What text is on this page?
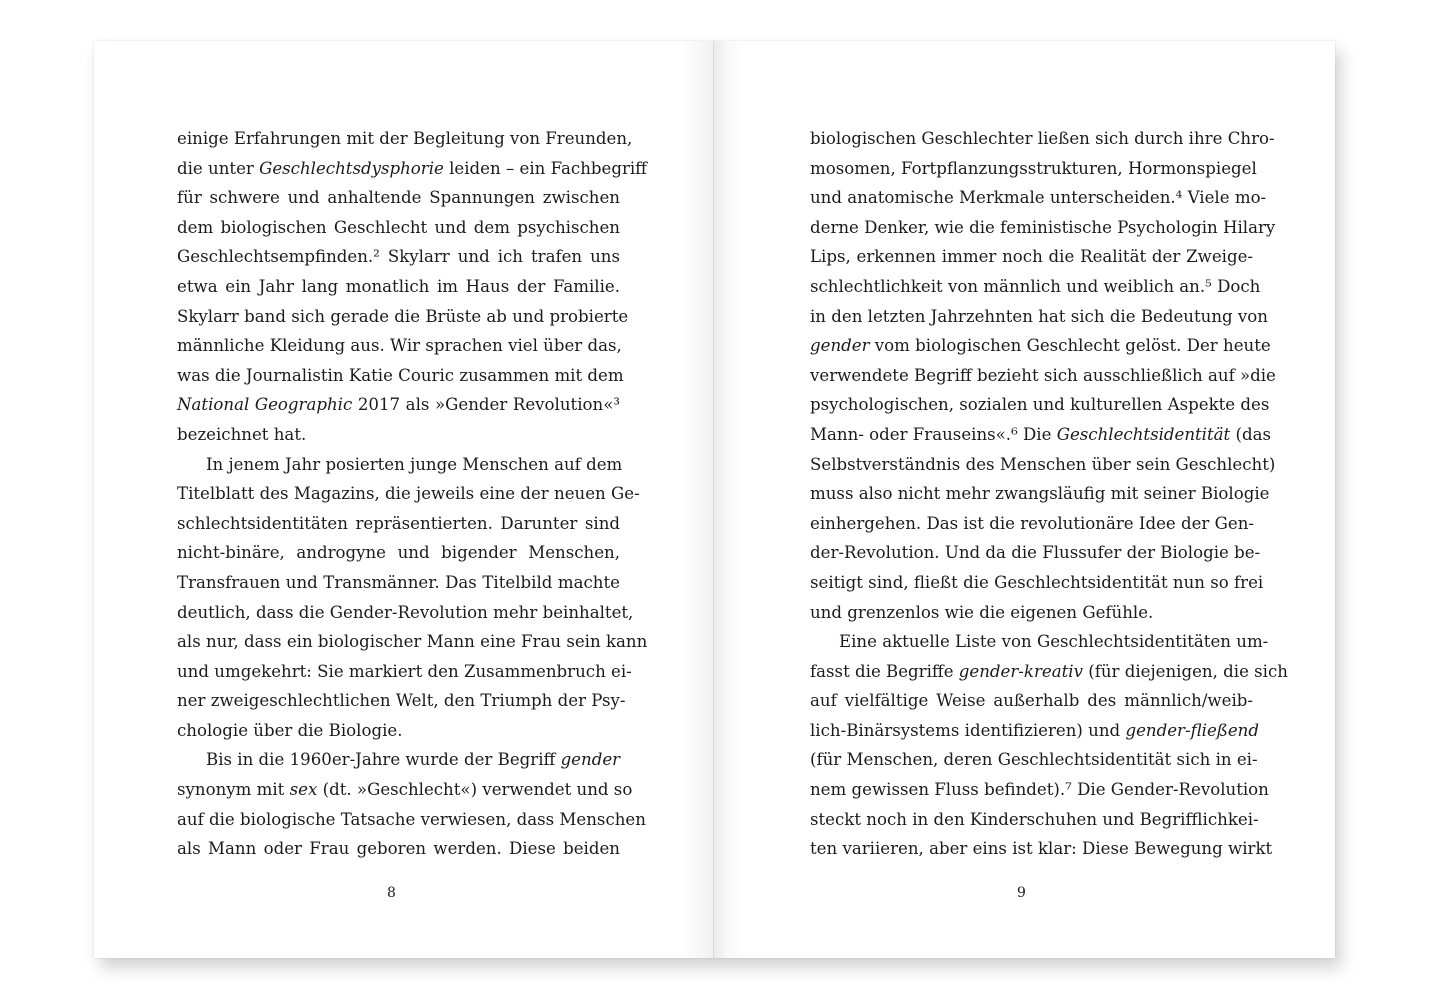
einige Erfahrungen mit der Begleitung von Freunden,
die unter Geschlechtsdysphorie leiden – ein Fachbegriff
für schwere und anhaltende Spannungen zwischen
dem biologischen Geschlecht und dem psychischen
Geschlechtsempfinden.² Skylarr und ich trafen uns
etwa ein Jahr lang monatlich im Haus der Familie.
Skylarr band sich gerade die Brüste ab und probierte
männliche Kleidung aus. Wir sprachen viel über das,
was die Journalistin Katie Couric zusammen mit dem
National Geographic 2017 als »Gender Revolution«³
bezeichnet hat.
In jenem Jahr posierten junge Menschen auf dem
Titelblatt des Magazins, die jeweils eine der neuen Ge-
schlechtsidentitäten repräsentierten. Darunter sind
nicht-binäre, androgyne und bigender Menschen,
Transfrauen und Transmänner. Das Titelbild machte
deutlich, dass die Gender-Revolution mehr beinhaltet,
als nur, dass ein biologischer Mann eine Frau sein kann
und umgekehrt: Sie markiert den Zusammenbruch ei-
ner zweigeschlechtlichen Welt, den Triumph der Psy-
chologie über die Biologie.
Bis in die 1960er-Jahre wurde der Begriff gender
synonym mit sex (dt. »Geschlecht«) verwendet und so
auf die biologische Tatsache verwiesen, dass Menschen
als Mann oder Frau geboren werden. Diese beiden
8
biologischen Geschlechter ließen sich durch ihre Chro-
mosomen, Fortpflanzungsstrukturen, Hormonspiegel
und anatomische Merkmale unterscheiden.⁴ Viele mo-
derne Denker, wie die feministische Psychologin Hilary
Lips, erkennen immer noch die Realität der Zweige-
schlechtlichkeit von männlich und weiblich an.⁵ Doch
in den letzten Jahrzehnten hat sich die Bedeutung von
gender vom biologischen Geschlecht gelöst. Der heute
verwendete Begriff bezieht sich ausschließlich auf »die
psychologischen, sozialen und kulturellen Aspekte des
Mann- oder Frauseins«.⁶ Die Geschlechtsidentität (das
Selbstverständnis des Menschen über sein Geschlecht)
muss also nicht mehr zwangsläufig mit seiner Biologie
einhergehen. Das ist die revolutionäre Idee der Gen-
der-Revolution. Und da die Flussufer der Biologie be-
seitigt sind, fließt die Geschlechtsidentität nun so frei
und grenzenlos wie die eigenen Gefühle.
Eine aktuelle Liste von Geschlechtsidentitäten um-
fasst die Begriffe gender-kreativ (für diejenigen, die sich
auf vielfältige Weise außerhalb des männlich/weib-
lich-Binärsystems identifizieren) und gender-fließend
(für Menschen, deren Geschlechtsidentität sich in ei-
nem gewissen Fluss befindet).⁷ Die Gender-Revolution
steckt noch in den Kinderschuhen und Begrifflichkei-
ten variieren, aber eins ist klar: Diese Bewegung wirkt
9
